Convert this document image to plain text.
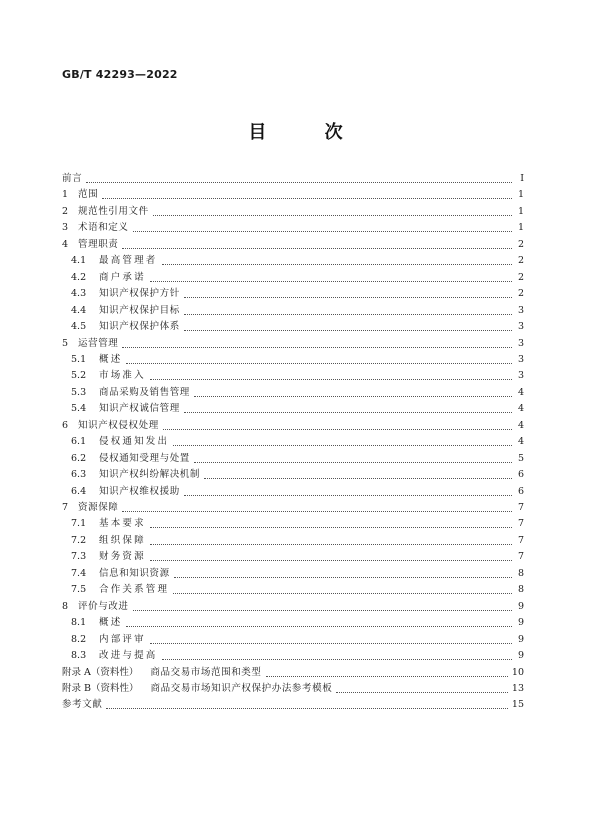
GB/T 42293—2022
目 次
前言	I
1	范围	1
2	规范性引用文件	1
3	术语和定义	1
4	管理职责	2
4.1	最高管理者	2
4.2	商户承诺	2
4.3	知识产权保护方针	2
4.4	知识产权保护目标	3
4.5	知识产权保护体系	3
5	运营管理	3
5.1	概述	3
5.2	市场准入	3
5.3	商品采购及销售管理	4
5.4	知识产权诚信管理	4
6	知识产权侵权处理	4
6.1	侵权通知发出	4
6.2	侵权通知受理与处置	5
6.3	知识产权纠纷解决机制	6
6.4	知识产权维权援助	6
7	资源保障	7
7.1	基本要求	7
7.2	组织保障	7
7.3	财务资源	7
7.4	信息和知识资源	8
7.5	合作关系管理	8
8	评价与改进	9
8.1	概述	9
8.2	内部评审	9
8.3	改进与提高	9
附录 A（资料性） 商品交易市场范围和类型	10
附录 B（资料性） 商品交易市场知识产权保护办法参考模板	13
参考文献	15
